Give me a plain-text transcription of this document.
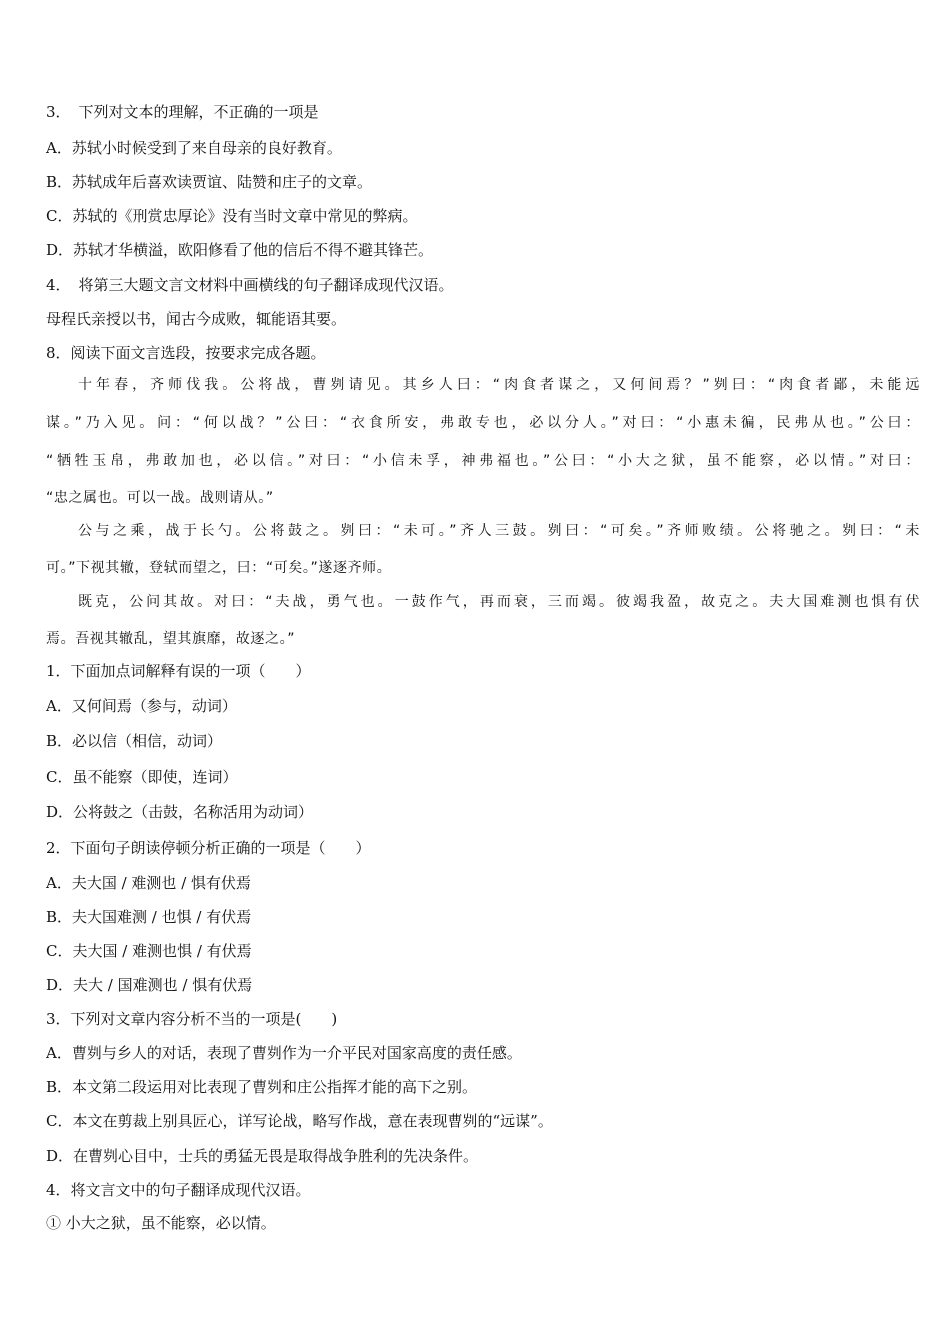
3． 下列对文本的理解，不正确的一项是
A．苏轼小时候受到了来自母亲的良好教育。
B．苏轼成年后喜欢读贾谊、陆赞和庄子的文章。
C．苏轼的《刑赏忠厚论》没有当时文章中常见的弊病。
D．苏轼才华横溢，欧阳修看了他的信后不得不避其锋芒。
4． 将第三大题文言文材料中画横线的句子翻译成现代汉语。
母程氏亲授以书，闻古今成败，辄能语其要。
8．阅读下面文言选段，按要求完成各题。
十年春，齐师伐我。公将战，曹刿请见。其乡人曰：“肉食者谋之，又何间焉？”刿曰：“肉食者鄙，未能远
谋。”乃入见。问：“何以战？”公曰：“衣食所安，弗敢专也，必以分人。”对曰：“小惠未徧，民弗从也。”公曰：
“牺牲玉帛，弗敢加也，必以信。”对曰：“小信未孚，神弗福也。”公曰：“小大之狱，虽不能察，必以情。”对曰：
“忠之属也。可以一战。战则请从。”
公与之乘，战于长勺。公将鼓之。刿曰：“未可。”齐人三鼓。刿曰：“可矣。”齐师败绩。公将驰之。刿曰：“未
可。”下视其辙，登轼而望之，曰：“可矣。”遂逐齐师。
既克，公问其故。对曰：“夫战，勇气也。一鼓作气，再而衰，三而竭。彼竭我盈，故克之。夫大国难测也惧有伏
焉。吾视其辙乱，望其旗靡，故逐之。”
1．下面加点词解释有误的一项（　　）
A．又何间焉（参与，动词）
B．必以信（相信，动词）
C．虽不能察（即使，连词）
D．公将鼓之（击鼓，名称活用为动词）
2．下面句子朗读停顿分析正确的一项是（　　）
A．夫大国 / 难测也 / 惧有伏焉
B．夫大国难测 / 也惧 / 有伏焉
C．夫大国 / 难测也惧 / 有伏焉
D．夫大 / 国难测也 / 惧有伏焉
3．下列对文章内容分析不当的一项是(　　)
A．曹刿与乡人的对话，表现了曹刿作为一介平民对国家高度的责任感。
B．本文第二段运用对比表现了曹刿和庄公指挥才能的高下之别。
C．本文在剪裁上别具匠心，详写论战，略写作战，意在表现曹刿的“远谋”。
D．在曹刿心目中，士兵的勇猛无畏是取得战争胜利的先决条件。
4．将文言文中的句子翻译成现代汉语。
① 小大之狱，虽不能察，必以情。
